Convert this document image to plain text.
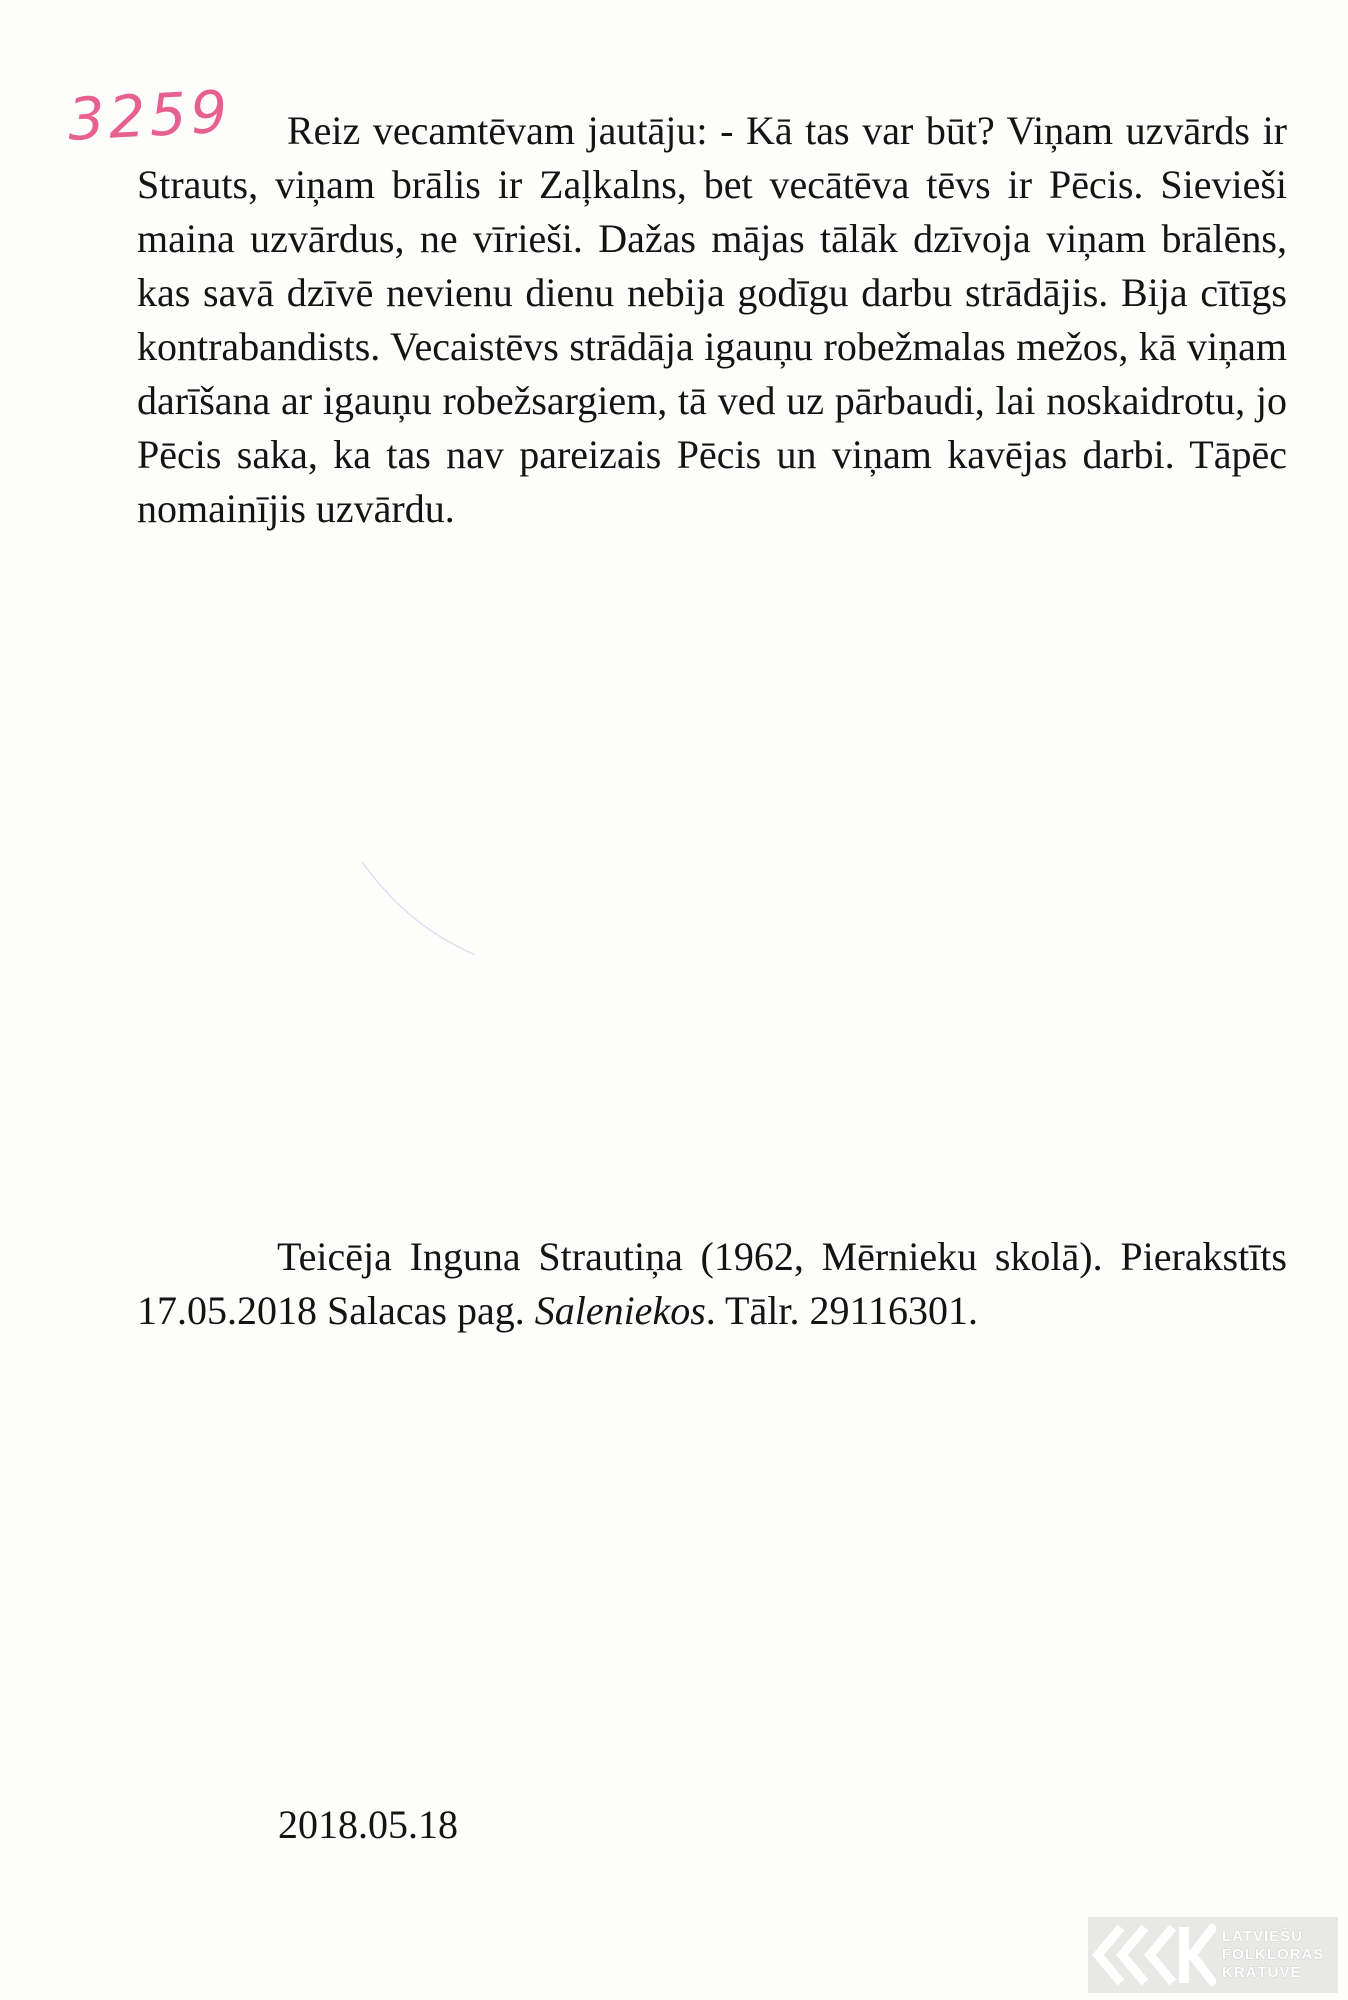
3259	Reiz vecamtēvam jautāju: - Kā tas var būt? Viņam uzvārds ir Strauts, viņam brālis ir Zaļkalns, bet vecātēva tēvs ir Pēcis. Sievieši maina uzvārdus, ne vīrieši. Dažas mājas tālāk dzīvoja viņam brālēns, kas savā dzīvē nevienu dienu nebija godīgu darbu strādājis. Bija cītīgs kontrabandists. Vecaistēvs strādāja igauņu robežmalas mežos, kā viņam darīšana ar igauņu robežsargiem, tā ved uz pārbaudi, lai noskaidrotu, jo Pēcis saka, ka tas nav pareizais Pēcis un viņam kavējas darbi. Tāpēc nomainījis uzvārdu.

Teicēja Inguna Strautiņa (1962, Mērnieku skolā). Pierakstīts 17.05.2018 Salacas pag. Saleniekos. Tālr. 29116301.

2018.05.18

LATVIEŠU
FOLKLORAS
KRĀTUVE
